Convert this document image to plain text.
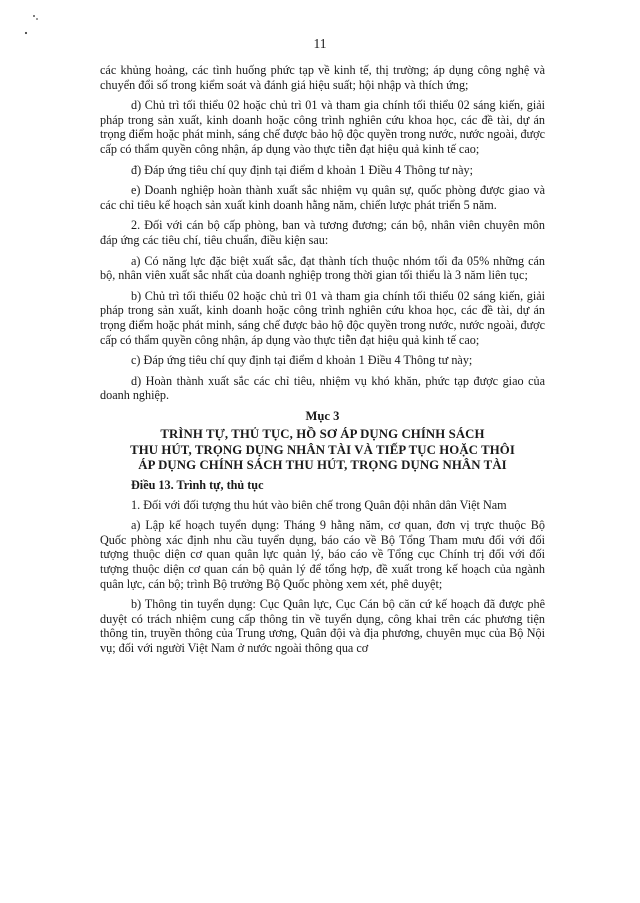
11

các khủng hoảng, các tình huống phức tạp về kinh tế, thị trường; áp dụng công nghệ và chuyển đổi số trong kiểm soát và đánh giá hiệu suất; hội nhập và thích ứng;

d) Chủ trì tối thiểu 02 hoặc chủ trì 01 và tham gia chính tối thiểu 02 sáng kiến, giải pháp trong sản xuất, kinh doanh hoặc công trình nghiên cứu khoa học, các đề tài, dự án trọng điểm hoặc phát minh, sáng chế được bảo hộ độc quyền trong nước, nước ngoài, được cấp có thẩm quyền công nhận, áp dụng vào thực tiễn đạt hiệu quả kinh tế cao;

đ) Đáp ứng tiêu chí quy định tại điểm d khoản 1 Điều 4 Thông tư này;

e) Doanh nghiệp hoàn thành xuất sắc nhiệm vụ quân sự, quốc phòng được giao và các chỉ tiêu kế hoạch sản xuất kinh doanh hằng năm, chiến lược phát triển 5 năm.

2. Đối với cán bộ cấp phòng, ban và tương đương; cán bộ, nhân viên chuyên môn đáp ứng các tiêu chí, tiêu chuẩn, điều kiện sau:

a) Có năng lực đặc biệt xuất sắc, đạt thành tích thuộc nhóm tối đa 05% những cán bộ, nhân viên xuất sắc nhất của doanh nghiệp trong thời gian tối thiểu là 3 năm liên tục;

b) Chủ trì tối thiểu 02 hoặc chủ trì 01 và tham gia chính tối thiểu 02 sáng kiến, giải pháp trong sản xuất, kinh doanh hoặc công trình nghiên cứu khoa học, các đề tài, dự án trọng điểm hoặc phát minh, sáng chế được bảo hộ độc quyền trong nước, nước ngoài, được cấp có thẩm quyền công nhận, áp dụng vào thực tiễn đạt hiệu quả kinh tế cao;

c) Đáp ứng tiêu chí quy định tại điểm d khoản 1 Điều 4 Thông tư này;

d) Hoàn thành xuất sắc các chỉ tiêu, nhiệm vụ khó khăn, phức tạp được giao của doanh nghiệp.

Mục 3
TRÌNH TỰ, THỦ TỤC, HỒ SƠ ÁP DỤNG CHÍNH SÁCH
THU HÚT, TRỌNG DỤNG NHÂN TÀI VÀ TIẾP TỤC HOẶC THÔI
ÁP DỤNG CHÍNH SÁCH THU HÚT, TRỌNG DỤNG NHÂN TÀI
Điều 13. Trình tự, thủ tục

1. Đối với đối tượng thu hút vào biên chế trong Quân đội nhân dân Việt Nam

a) Lập kế hoạch tuyển dụng: Tháng 9 hằng năm, cơ quan, đơn vị trực thuộc Bộ Quốc phòng xác định nhu cầu tuyển dụng, báo cáo về Bộ Tổng Tham mưu đối với đối tượng thuộc diện cơ quan quân lực quản lý, báo cáo về Tổng cục Chính trị đối với đối tượng thuộc diện cơ quan cán bộ quản lý để tổng hợp, đề xuất trong kế hoạch của ngành quân lực, cán bộ; trình Bộ trưởng Bộ Quốc phòng xem xét, phê duyệt;

b) Thông tin tuyển dụng: Cục Quân lực, Cục Cán bộ căn cứ kế hoạch đã được phê duyệt có trách nhiệm cung cấp thông tin về tuyển dụng, công khai trên các phương tiện thông tin, truyền thông của Trung ương, Quân đội và địa phương, chuyên mục của Bộ Nội vụ; đối với người Việt Nam ở nước ngoài thông qua cơ
